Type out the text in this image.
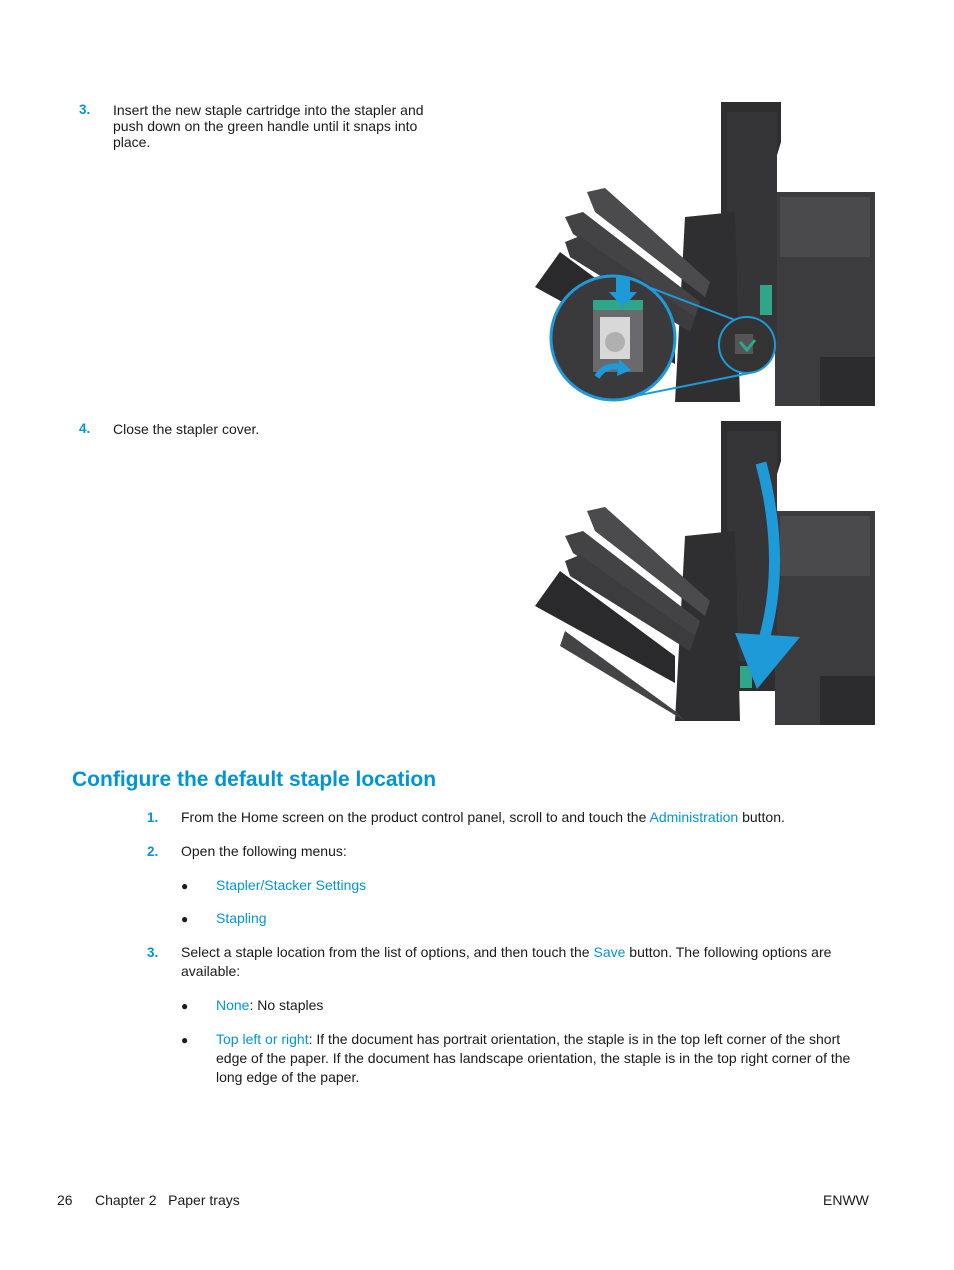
3. Insert the new staple cartridge into the stapler and push down on the green handle until it snaps into place.
4. Close the stapler cover.
Configure the default staple location
1. From the Home screen on the product control panel, scroll to and touch the Administration button.
2. Open the following menus:
● Stapler/Stacker Settings
● Stapling
3. Select a staple location from the list of options, and then touch the Save button. The following options are available:
● None: No staples
● Top left or right: If the document has portrait orientation, the staple is in the top left corner of the short edge of the paper. If the document has landscape orientation, the staple is in the top right corner of the long edge of the paper.
26 Chapter 2   Paper trays	ENWW
